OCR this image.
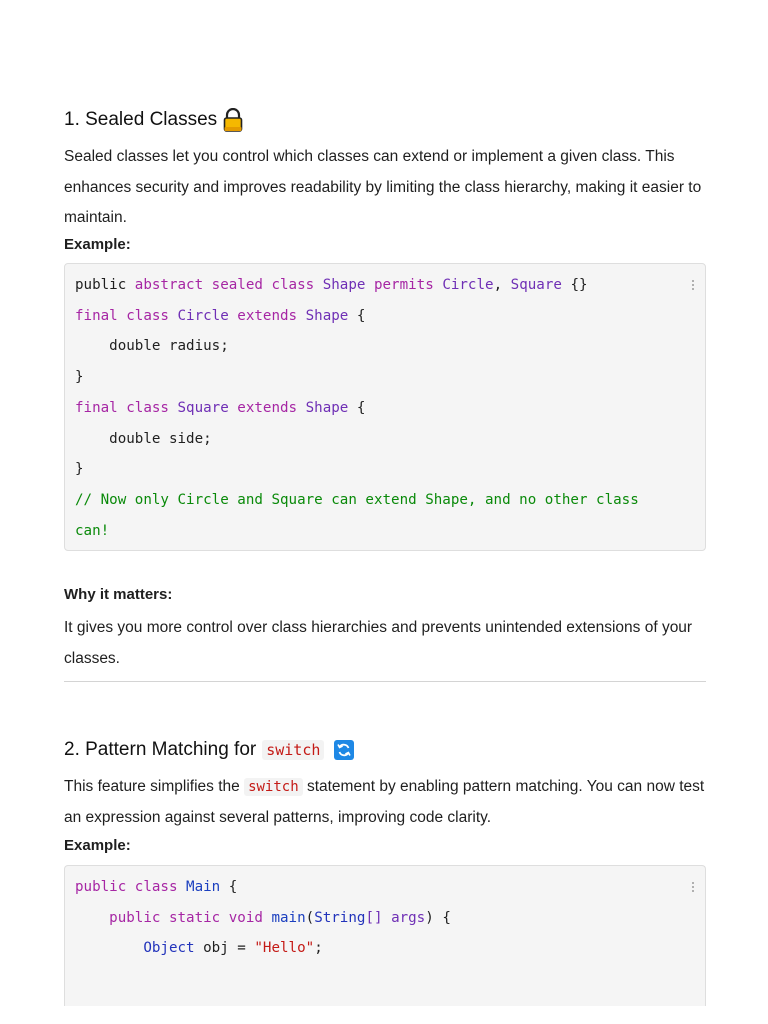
1. Sealed Classes

Sealed classes let you control which classes can extend or implement a given class. This enhances security and improves readability by limiting the class hierarchy, making it easier to maintain.

Example:
public abstract sealed class Shape permits Circle, Square {}
final class Circle extends Shape {
double radius;
}
final class Square extends Shape {
double side;
}
// Now only Circle and Square can extend Shape, and no other class
can!
Why it matters:

It gives you more control over class hierarchies and prevents unintended extensions of your classes.

2. Pattern Matching for switch

This feature simplifies the switch statement by enabling pattern matching. You can now test an expression against several patterns, improving code clarity.

Example:
public class Main {
public static void main(String[] args) {
Object obj = "Hello";
